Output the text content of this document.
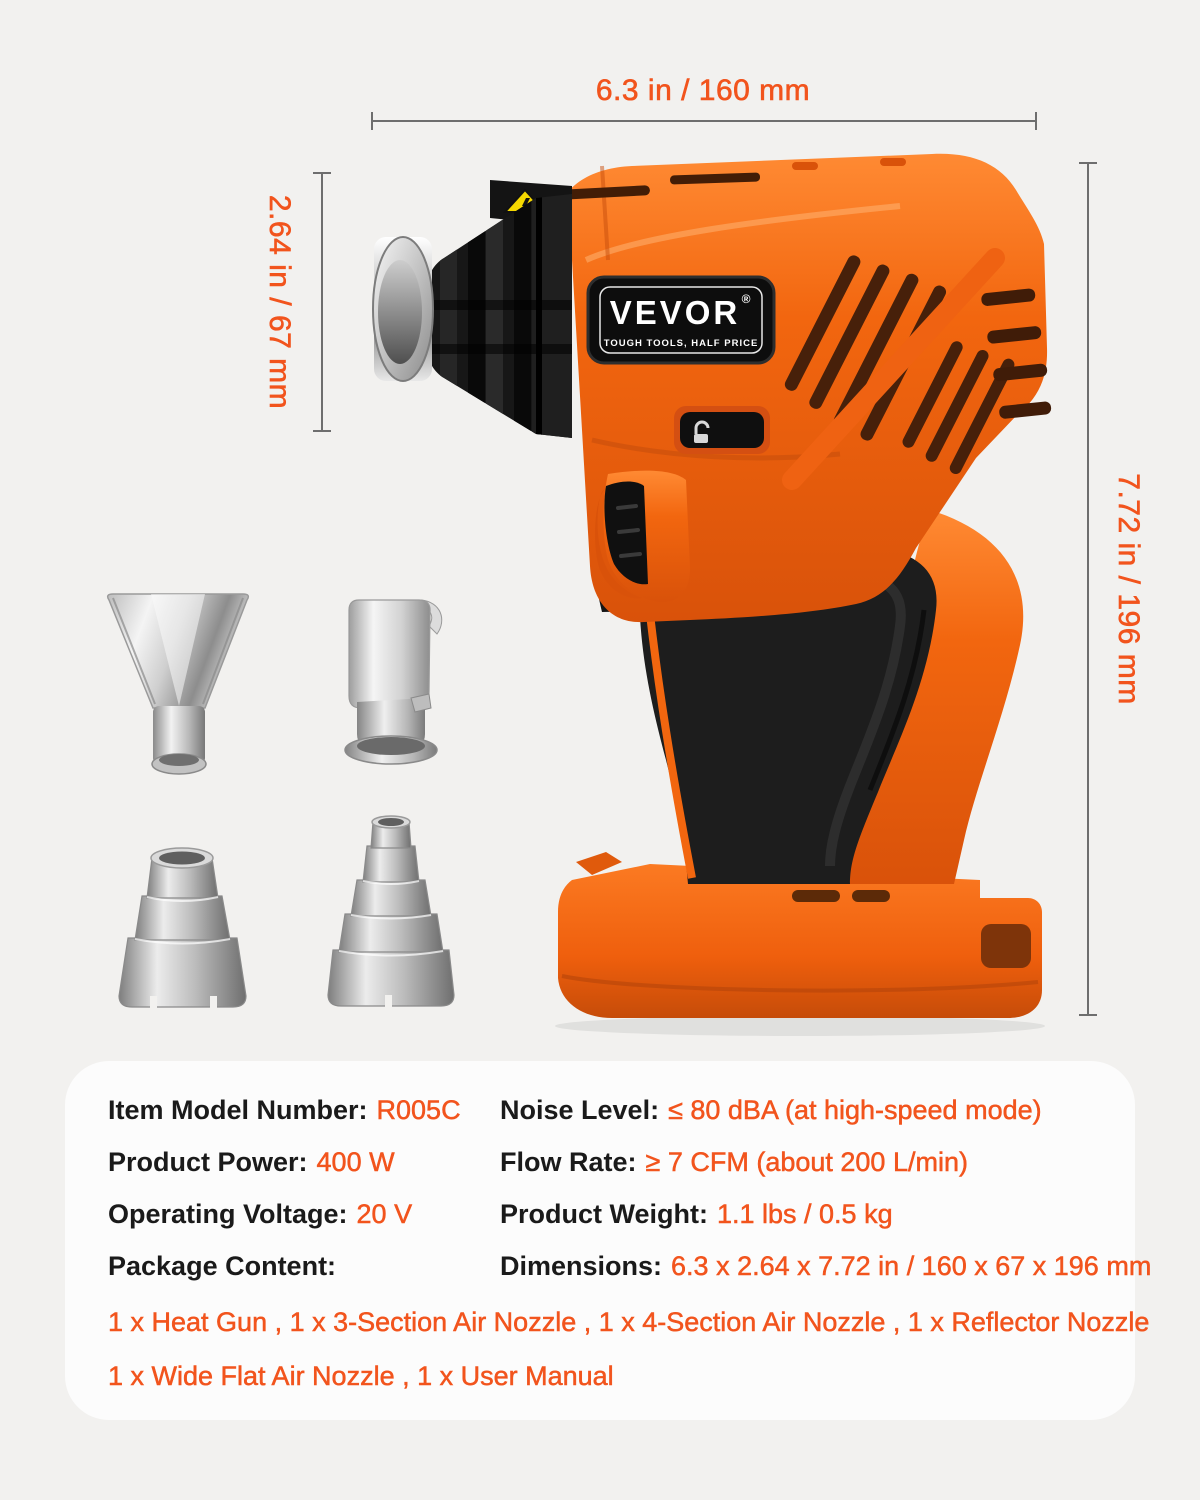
6.3 in / 160 mm
2.64 in / 67 mm
7.72 in / 196 mm
VEVOR ®
TOUGH TOOLS, HALF PRICE
Item Model Number: R005C
Product Power: 400 W
Operating Voltage: 20 V
Package Content:
Noise Level: ≤ 80 dBA (at high-speed mode)
Flow Rate: ≥ 7 CFM (about 200 L/min)
Product Weight: 1.1 lbs / 0.5 kg
Dimensions: 6.3 x 2.64 x 7.72 in / 160 x 67 x 196 mm
1 x Heat Gun , 1 x 3-Section Air Nozzle , 1 x 4-Section Air Nozzle , 1 x Reflector Nozzle
1 x Wide Flat Air Nozzle , 1 x User Manual
